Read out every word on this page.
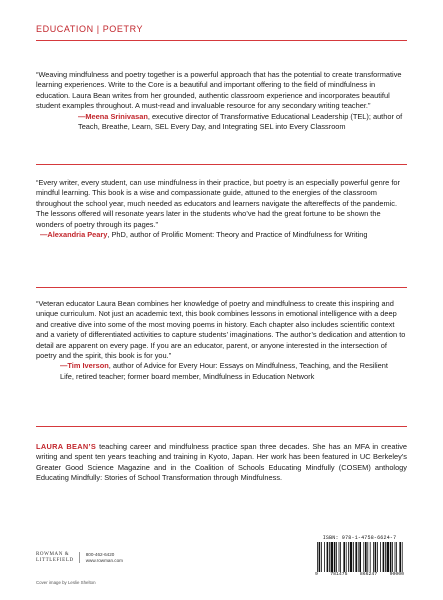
EDUCATION | POETRY

“Weaving mindfulness and poetry together is a powerful approach that has the potential to create transformative learning experiences. Write to the Core is a beautiful and important offering to the field of mindfulness in education. Laura Bean writes from her grounded, authentic classroom experience and incorporates beautiful student examples throughout. A must-read and invaluable resource for any secondary writing teacher.”

—Meena Srinivasan, executive director of Transformative Educational Leadership (TEL); author of Teach, Breathe, Learn, SEL Every Day, and Integrating SEL into Every Classroom

“Every writer, every student, can use mindfulness in their practice, but poetry is an especially powerful genre for mindful learning. This book is a wise and compassionate guide, attuned to the energies of the classroom throughout the school year, much needed as educators and learners navigate the aftereffects of the pandemic. The lessons offered will resonate years later in the students who’ve had the great fortune to be shown the wonders of poetry through its pages.”

—Alexandria Peary, PhD, author of Prolific Moment: Theory and Practice of Mindfulness for Writing

“Veteran educator Laura Bean combines her knowledge of poetry and mindfulness to create this inspiring and unique curriculum. Not just an academic text, this book combines lessons in emotional intelligence with a deep and creative dive into some of the most moving poems in history. Each chapter also includes scientific context and a variety of differentiated activities to capture students’ imaginations. The author’s dedication and attention to detail are apparent on every page. If you are an educator, parent, or anyone interested in the intersection of poetry and the spirit, this book is for you.”

—Tim Iverson, author of Advice for Every Hour: Essays on Mindfulness, Teaching, and the Resilient Life, retired teacher; former board member, Mindfulness in Education Network

LAURA BEAN’S teaching career and mindfulness practice span three decades. She has an MFA in creative writing and spent ten years teaching and training in Kyoto, Japan. Her work has been featured in UC Berkeley’s Greater Good Science Magazine and in the Coalition of Schools Educating Mindfully (COSEM) anthology Educating Mindfully: Stories of School Transformation through Mindfulness.

ROWMAN &
LITTLEFIELD
800-462-6420
www.rowman.com
Cover image by Leslie Shelton
ISBN: 978-1-4758-6624-7
9	781475	866247	90000
